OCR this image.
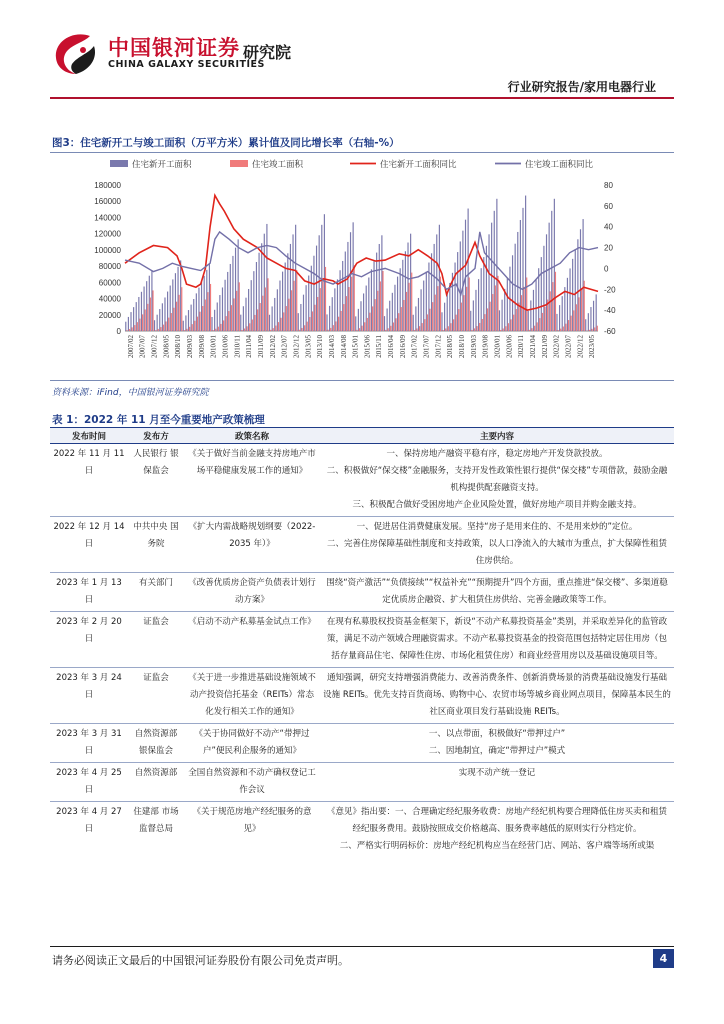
中国银河证券
CHINA GALAXY SECURITIES
研究院
行业研究报告/家用电器行业
图3：住宅新开工与竣工面积（万平方米）累计值及同比增长率（右轴-%）
住宅新开工面积	住宅竣工面积	住宅新开工面积同比	住宅竣工面积同比
0
20000
40000
60000
80000
100000
120000
140000
160000
180000
-60
-40
-20
0
20
40
60
80
2007/02 2007/07 2007/12 2008/05 2008/10 2009/03 2009/08 2010/01 2010/06 2010/11 2011/04 2011/09 2012/02 2012/07 2012/12 2013/05 2013/10 2014/03 2014/08 2015/01 2015/06 2015/11 2016/04 2016/09 2017/02 2017/07 2017/12 2018/05 2018/10 2019/03 2019/08 2020/01 2020/06 2020/11 2021/04 2021/09 2022/02 2022/07 2022/12 2023/05
资料来源：iFind，中国银河证券研究院
表 1：2022 年 11 月至今重要地产政策梳理
发布时间	发布方	政策名称	主要内容
2022 年 11 月 11 日	人民银行 银保监会	《关于做好当前金融支持房地产市场平稳健康发展工作的通知》	一、保持房地产融资平稳有序，稳定房地产开发贷款投放。
二、积极做好“保交楼”金融服务，支持开发性政策性银行提供“保交楼”专项借款，鼓励金融机构提供配套融资支持。
三、积极配合做好受困房地产企业风险处置，做好房地产项目并购金融支持。

2022 年 12 月 14 日	中共中央 国务院	《扩大内需战略规划纲要（2022-2035 年）》	一、促进居住消费健康发展。坚持“房子是用来住的、不是用来炒的”定位。
二、完善住房保障基础性制度和支持政策，以人口净流入的大城市为重点，扩大保障性租赁住房供给。

2023 年 1 月 13 日	有关部门	《改善优质房企资产负债表计划行动方案》	围绕“资产激活”“负债接续”“权益补充”“预期提升”四个方面，重点推进“保交楼”、多渠道稳定优质房企融资、扩大租赁住房供给、完善金融政策等工作。

2023 年 2 月 20 日	证监会	《启动不动产私募基金试点工作》	在现有私募股权投资基金框架下，新设“不动产私募投资基金”类别，并采取差异化的监管政策，满足不动产领域合理融资需求。不动产私募投资基金的投资范围包括特定居住用房（包括存量商品住宅、保障性住房、市场化租赁住房）和商业经营用房以及基础设施项目等。

2023 年 3 月 24 日	证监会	《关于进一步推进基础设施领域不动产投资信托基金（REITs）常态化发行相关工作的通知》	通知强调，研究支持增强消费能力、改善消费条件、创新消费场景的消费基础设施发行基础设施 REITs。优先支持百货商场、购物中心、农贸市场等城乡商业网点项目，保障基本民生的社区商业项目发行基础设施 REITs。

2023 年 3 月 31 日	自然资源部 银保监会	《关于协同做好不动产“带押过户”便民利企服务的通知》	一、以点带面，积极做好“带押过户”
二、因地制宜，确定“带押过户”模式

2023 年 4 月 25 日	自然资源部	全国自然资源和不动产确权登记工作会议	实现不动产统一登记

2023 年 4 月 27 日	住建部 市场监督总局	《关于规范房地产经纪服务的意见》	《意见》指出要：一、合理确定经纪服务收费：房地产经纪机构要合理降低住房买卖和租赁经纪服务费用。鼓励按照成交价格越高、服务费率越低的原则实行分档定价。
二、严格实行明码标价：房地产经纪机构应当在经营门店、网站、客户端等场所或渠
请务必阅读正文最后的中国银河证券股份有限公司免责声明。	4
